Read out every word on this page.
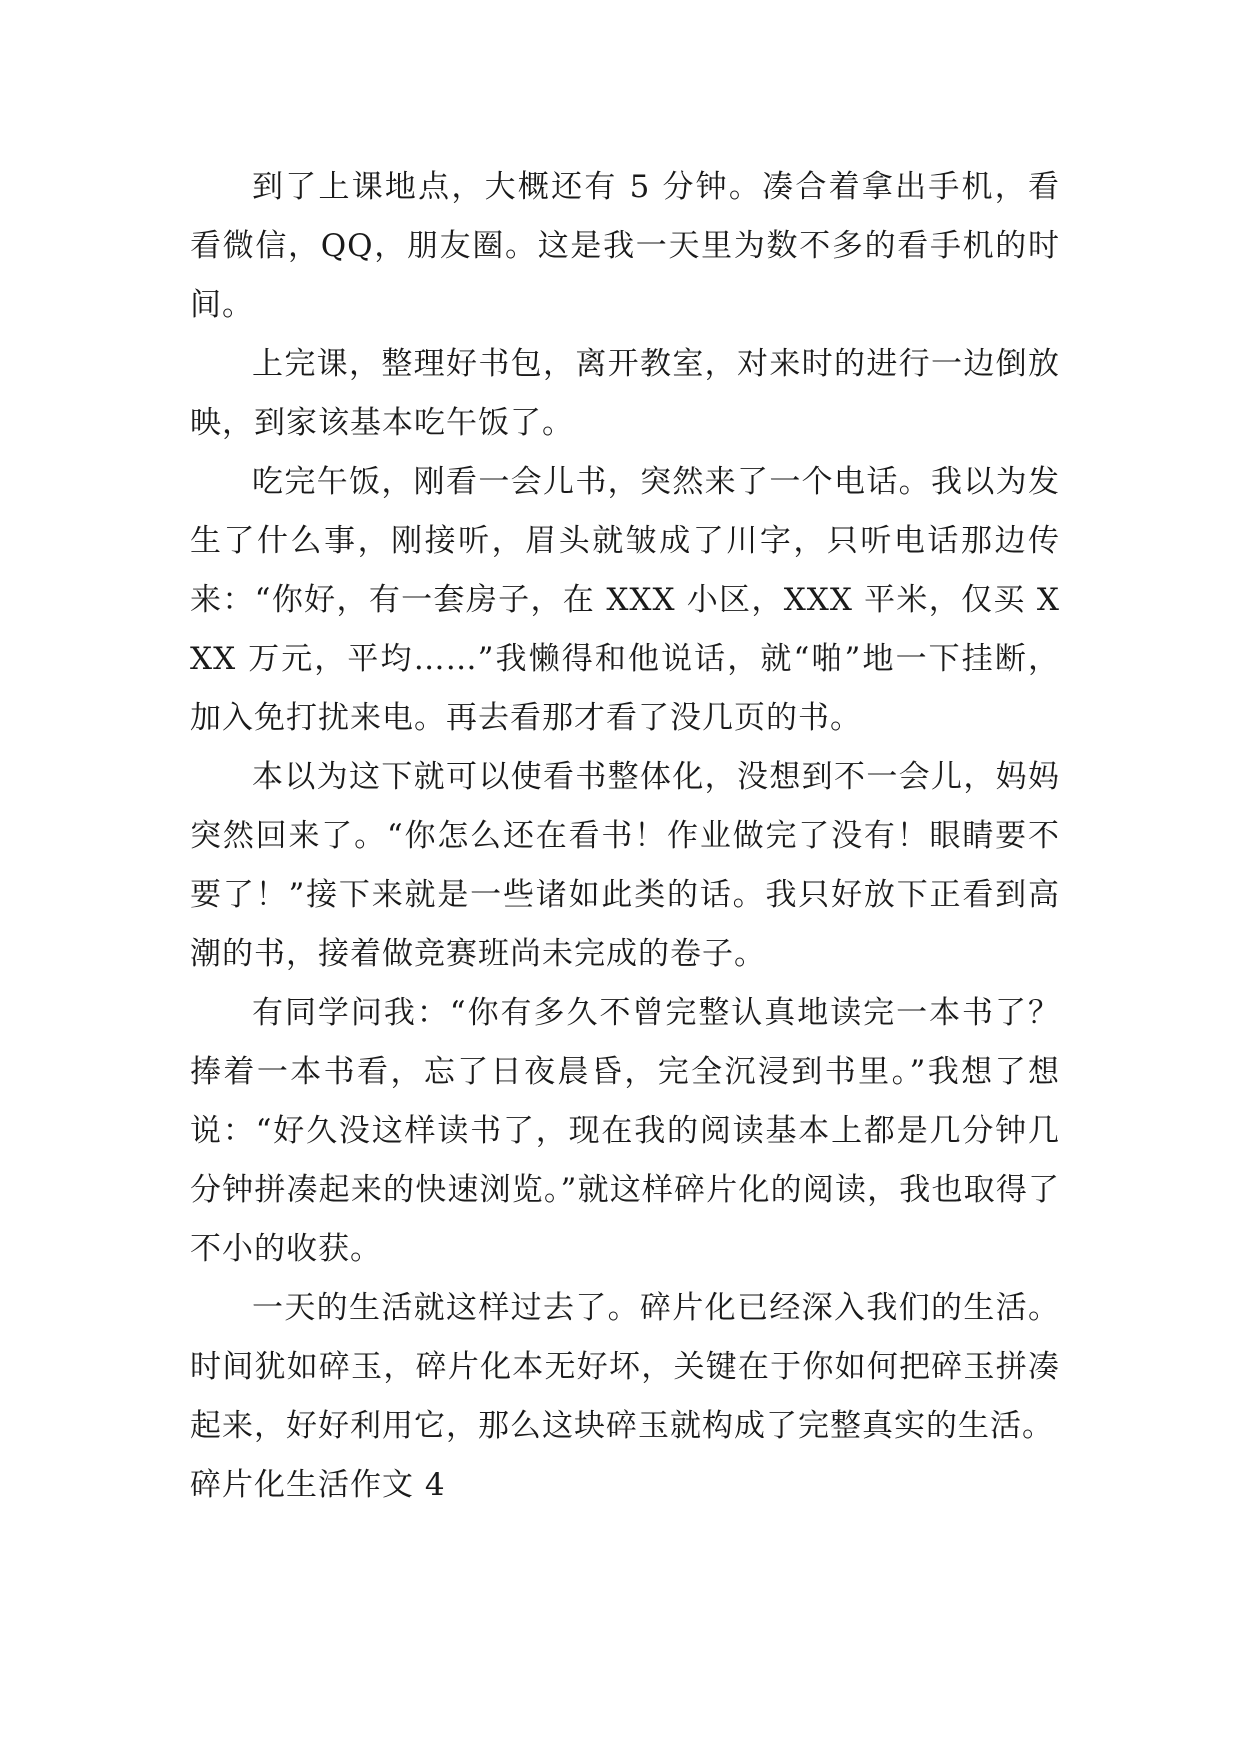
到了上课地点，大概还有 5 分钟。凑合着拿出手机，看看微信，QQ，朋友圈。这是我一天里为数不多的看手机的时间。

上完课，整理好书包，离开教室，对来时的进行一边倒放映，到家该基本吃午饭了。

吃完午饭，刚看一会儿书，突然来了一个电话。我以为发生了什么事，刚接听，眉头就皱成了川字，只听电话那边传来：“你好，有一套房子，在 XXX 小区，XXX 平米，仅买 XXX 万元，平均……”我懒得和他说话，就“啪”地一下挂断，加入免打扰来电。再去看那才看了没几页的书。

本以为这下就可以使看书整体化，没想到不一会儿，妈妈突然回来了。“你怎么还在看书！作业做完了没有！眼睛要不要了！”接下来就是一些诸如此类的话。我只好放下正看到高潮的书，接着做竞赛班尚未完成的卷子。

有同学问我：“你有多久不曾完整认真地读完一本书了？捧着一本书看，忘了日夜晨昏，完全沉浸到书里。”我想了想说：“好久没这样读书了，现在我的阅读基本上都是几分钟几分钟拼凑起来的快速浏览。”就这样碎片化的阅读，我也取得了不小的收获。

一天的生活就这样过去了。碎片化已经深入我们的生活。时间犹如碎玉，碎片化本无好坏，关键在于你如何把碎玉拼凑起来，好好利用它，那么这块碎玉就构成了完整真实的生活。

碎片化生活作文 4
